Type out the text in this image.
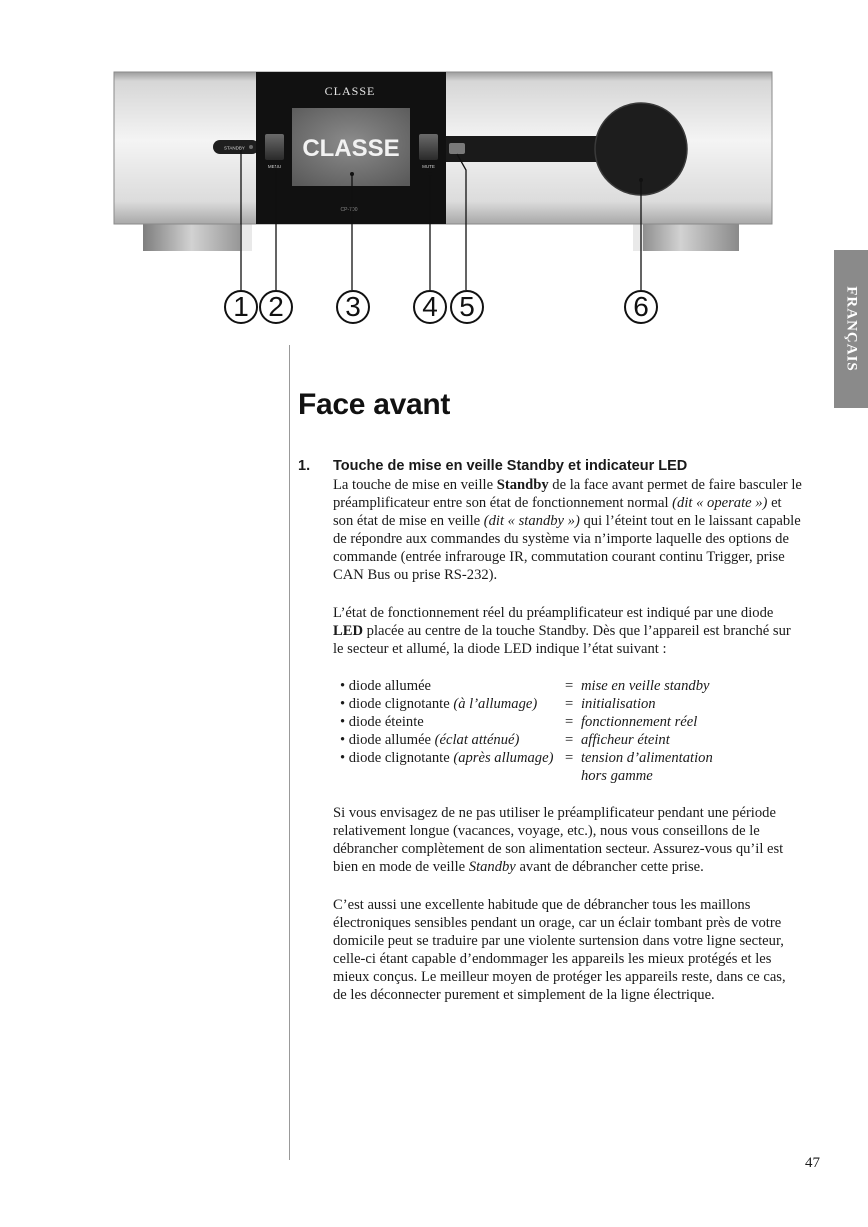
STANDBY
CLASSE
CLASSE
MENU	MUTE
CP-700
1 2	3	4 5	6	FRANÇAIS
Face avant
1. Touche de mise en veille Standby et indicateur LED

La touche de mise en veille Standby de la face avant permet de faire basculer le préamplificateur entre son état de fonctionnement normal (dit « operate ») et son état de mise en veille (dit « standby ») qui l’éteint tout en le laissant capable de répondre aux commandes du système via n’importe laquelle des options de commande (entrée infrarouge IR, commutation courant continu Trigger, prise CAN Bus ou prise RS-232).

L’état de fonctionnement réel du préamplificateur est indiqué par une diode LED placée au centre de la touche Standby. Dès que l’appareil est branché sur le secteur et allumé, la diode LED indique l’état suivant :

• diode allumée	= mise en veille standby
• diode clignotante (à l’allumage) = initialisation
• diode éteinte	= fonctionnement réel
• diode allumée (éclat atténué)	= afficheur éteint
• diode clignotante (après allumage) = tension d’alimentation
hors gamme

Si vous envisagez de ne pas utiliser le préamplificateur pendant une période relativement longue (vacances, voyage, etc.), nous vous conseillons de le débrancher complètement de son alimentation secteur. Assurez-vous qu’il est bien en mode de veille Standby avant de débrancher cette prise.

C’est aussi une excellente habitude que de débrancher tous les maillons électroniques sensibles pendant un orage, car un éclair tombant près de votre domicile peut se traduire par une violente surtension dans votre ligne secteur, celle-ci étant capable d’endommager les appareils les mieux protégés et les mieux conçus. Le meilleur moyen de protéger les appareils reste, dans ce cas, de les déconnecter purement et simplement de la ligne électrique.

47
